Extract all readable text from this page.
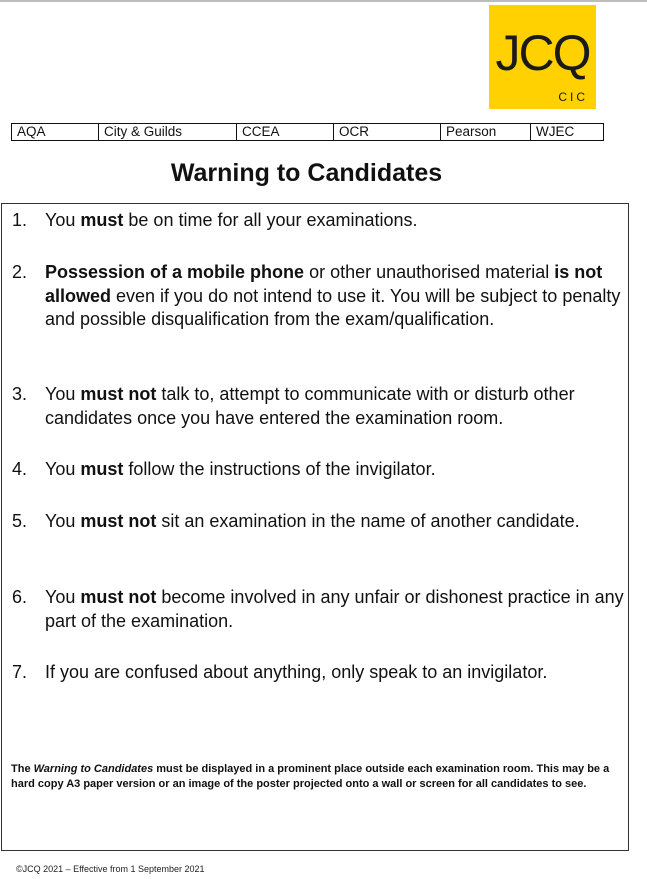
JCQ
CIC
AQA	City & Guilds	CCEA	OCR	Pearson	WJEC
Warning to Candidates
1. You must be on time for all your examinations.
2. Possession of a mobile phone or other unauthorised material is not allowed even if you do not intend to use it. You will be subject to penalty and possible disqualification from the exam/qualification.
3. You must not talk to, attempt to communicate with or disturb other candidates once you have entered the examination room.
4. You must follow the instructions of the invigilator.
5. You must not sit an examination in the name of another candidate.
6. You must not become involved in any unfair or dishonest practice in any part of the examination.
7. If you are confused about anything, only speak to an invigilator.
The Warning to Candidates must be displayed in a prominent place outside each examination room. This may be a hard copy A3 paper version or an image of the poster projected onto a wall or screen for all candidates to see.
©JCQ 2021 – Effective from 1 September 2021
